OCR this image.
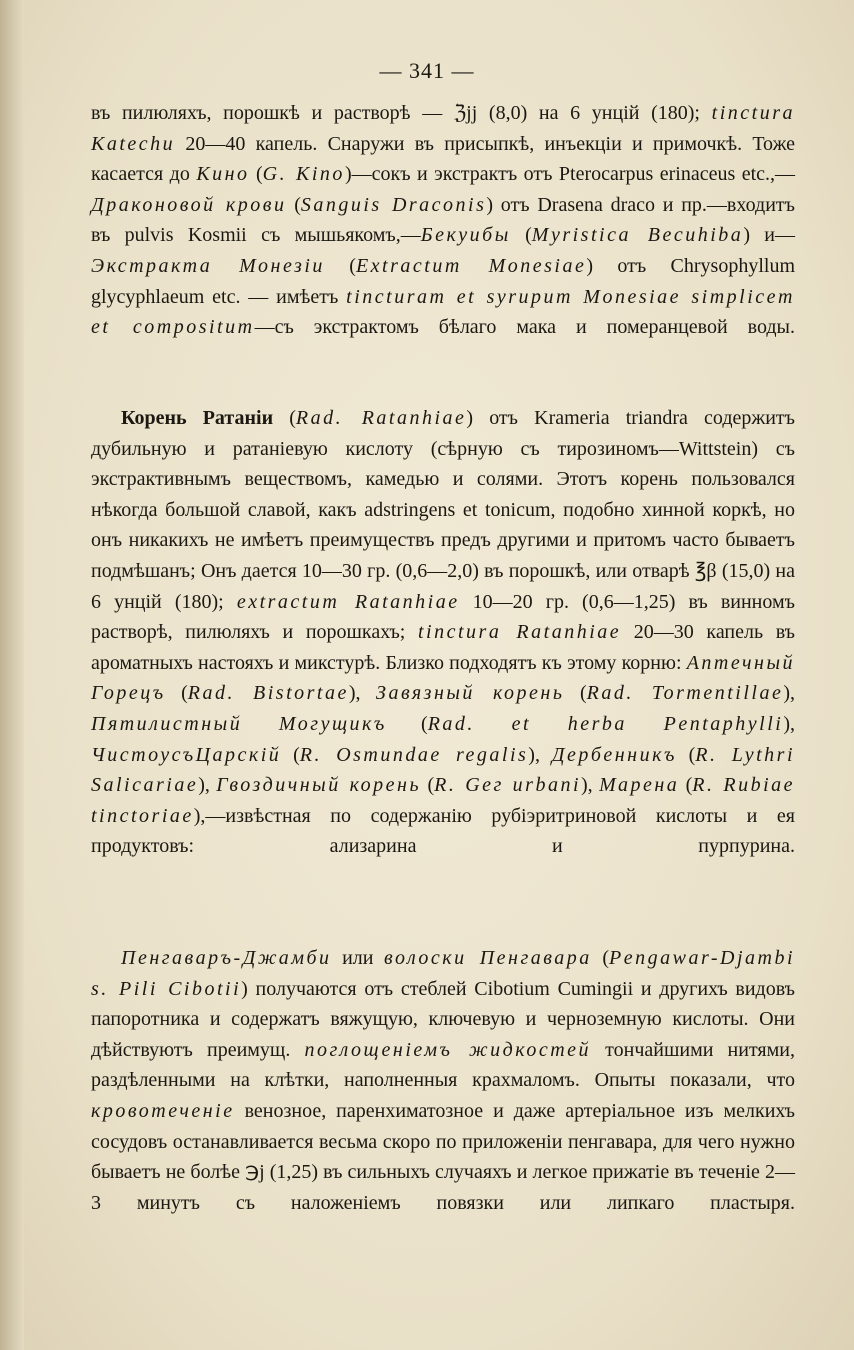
— 341 —
въ пилюляхъ, порошкѣ и растворѣ — ℨjj (8,0) на 6 унцій (180); tinctura Katechu 20—40 капель. Снаружи въ присыпкѣ, инъекціи и примочкѣ. Тоже касается до Кино (G. Kino)—сокъ и экстрактъ отъ Pterocarpus erinaceus etc.,—Драконовой крови (Sanguis Draconis) отъ Drasena draco и пр.—входитъ въ pulvis Kosmii съ мышьякомъ,—Бекуибы (Myristica Becuhiba) и—Экстракта Монезіи (Extractum Monesiae) отъ Chrysophyllum glycyphlaeum etc. — имѣетъ tincturam et syrupum Monesiae simplicem et compositum—съ экстрактомъ бѣлаго мака и померанцевой воды.
Корень Ратаніи (Rad. Ratanhiae) отъ Krameria triandra содержитъ дубильную и ратаніевую кислоту (сѣрную съ тирозиномъ—Wittstein) съ экстрактивнымъ веществомъ, камедью и солями. Этотъ корень пользовался нѣкогда большой славой, какъ adstringens et tonicum, подобно хинной коркѣ, но онъ никакихъ не имѣетъ преимуществъ предъ другими и притомъ часто бываетъ подмѣшанъ; Онъ дается 10—30 гр. (0,6—2,0) въ порошкѣ, или отварѣ ℥β (15,0) на 6 унцій (180); extractum Ratanhiae 10—20 гр. (0,6—1,25) въ винномъ растворѣ, пилюляхъ и порошкахъ; tinctura Ratanhiae 20—30 капель въ ароматныхъ настояхъ и микстурѣ. Близко подходятъ къ этому корню: Аптечный Горецъ (Rad. Bistortae), Завязный корень (Rad. Tormentillae), Пятилистный Могущикъ (Rad. et herba Pentaphylli), ЧистоусъЦарскій (R. Osmundae regalis), Дербенникъ (R. Lythri Salicariae), Гвоздичный корень (R. Geг urbani), Марена (R. Rubiae tinctoriae),—извѣстная по содержанію рубіэритриновой кислоты и ея продуктовъ: ализарина и пурпурина.
Пенгаваръ-Джамби или волоски Пенгавара (Pengawar-Djambi s. Pili Cibotii) получаются отъ стеблей Cibotium Cumingii и другихъ видовъ папоротника и содержатъ вяжущую, ключевую и черноземную кислоты. Они дѣйствуютъ преимущ. поглощеніемъ жидкостей тончайшими нитями, раздѣленными на клѣтки, наполненныя крахмаломъ. Опыты показали, что кровотеченіе венозное, паренхиматозное и даже артеріальное изъ мелкихъ сосудовъ останавливается весьма скоро по приложеніи пенгавара, для чего нужно бываетъ не болѣе ℈j (1,25) въ сильныхъ случаяхъ и легкое прижатіе въ теченіе 2—3 минутъ съ наложеніемъ повязки или липкаго пластыря.
